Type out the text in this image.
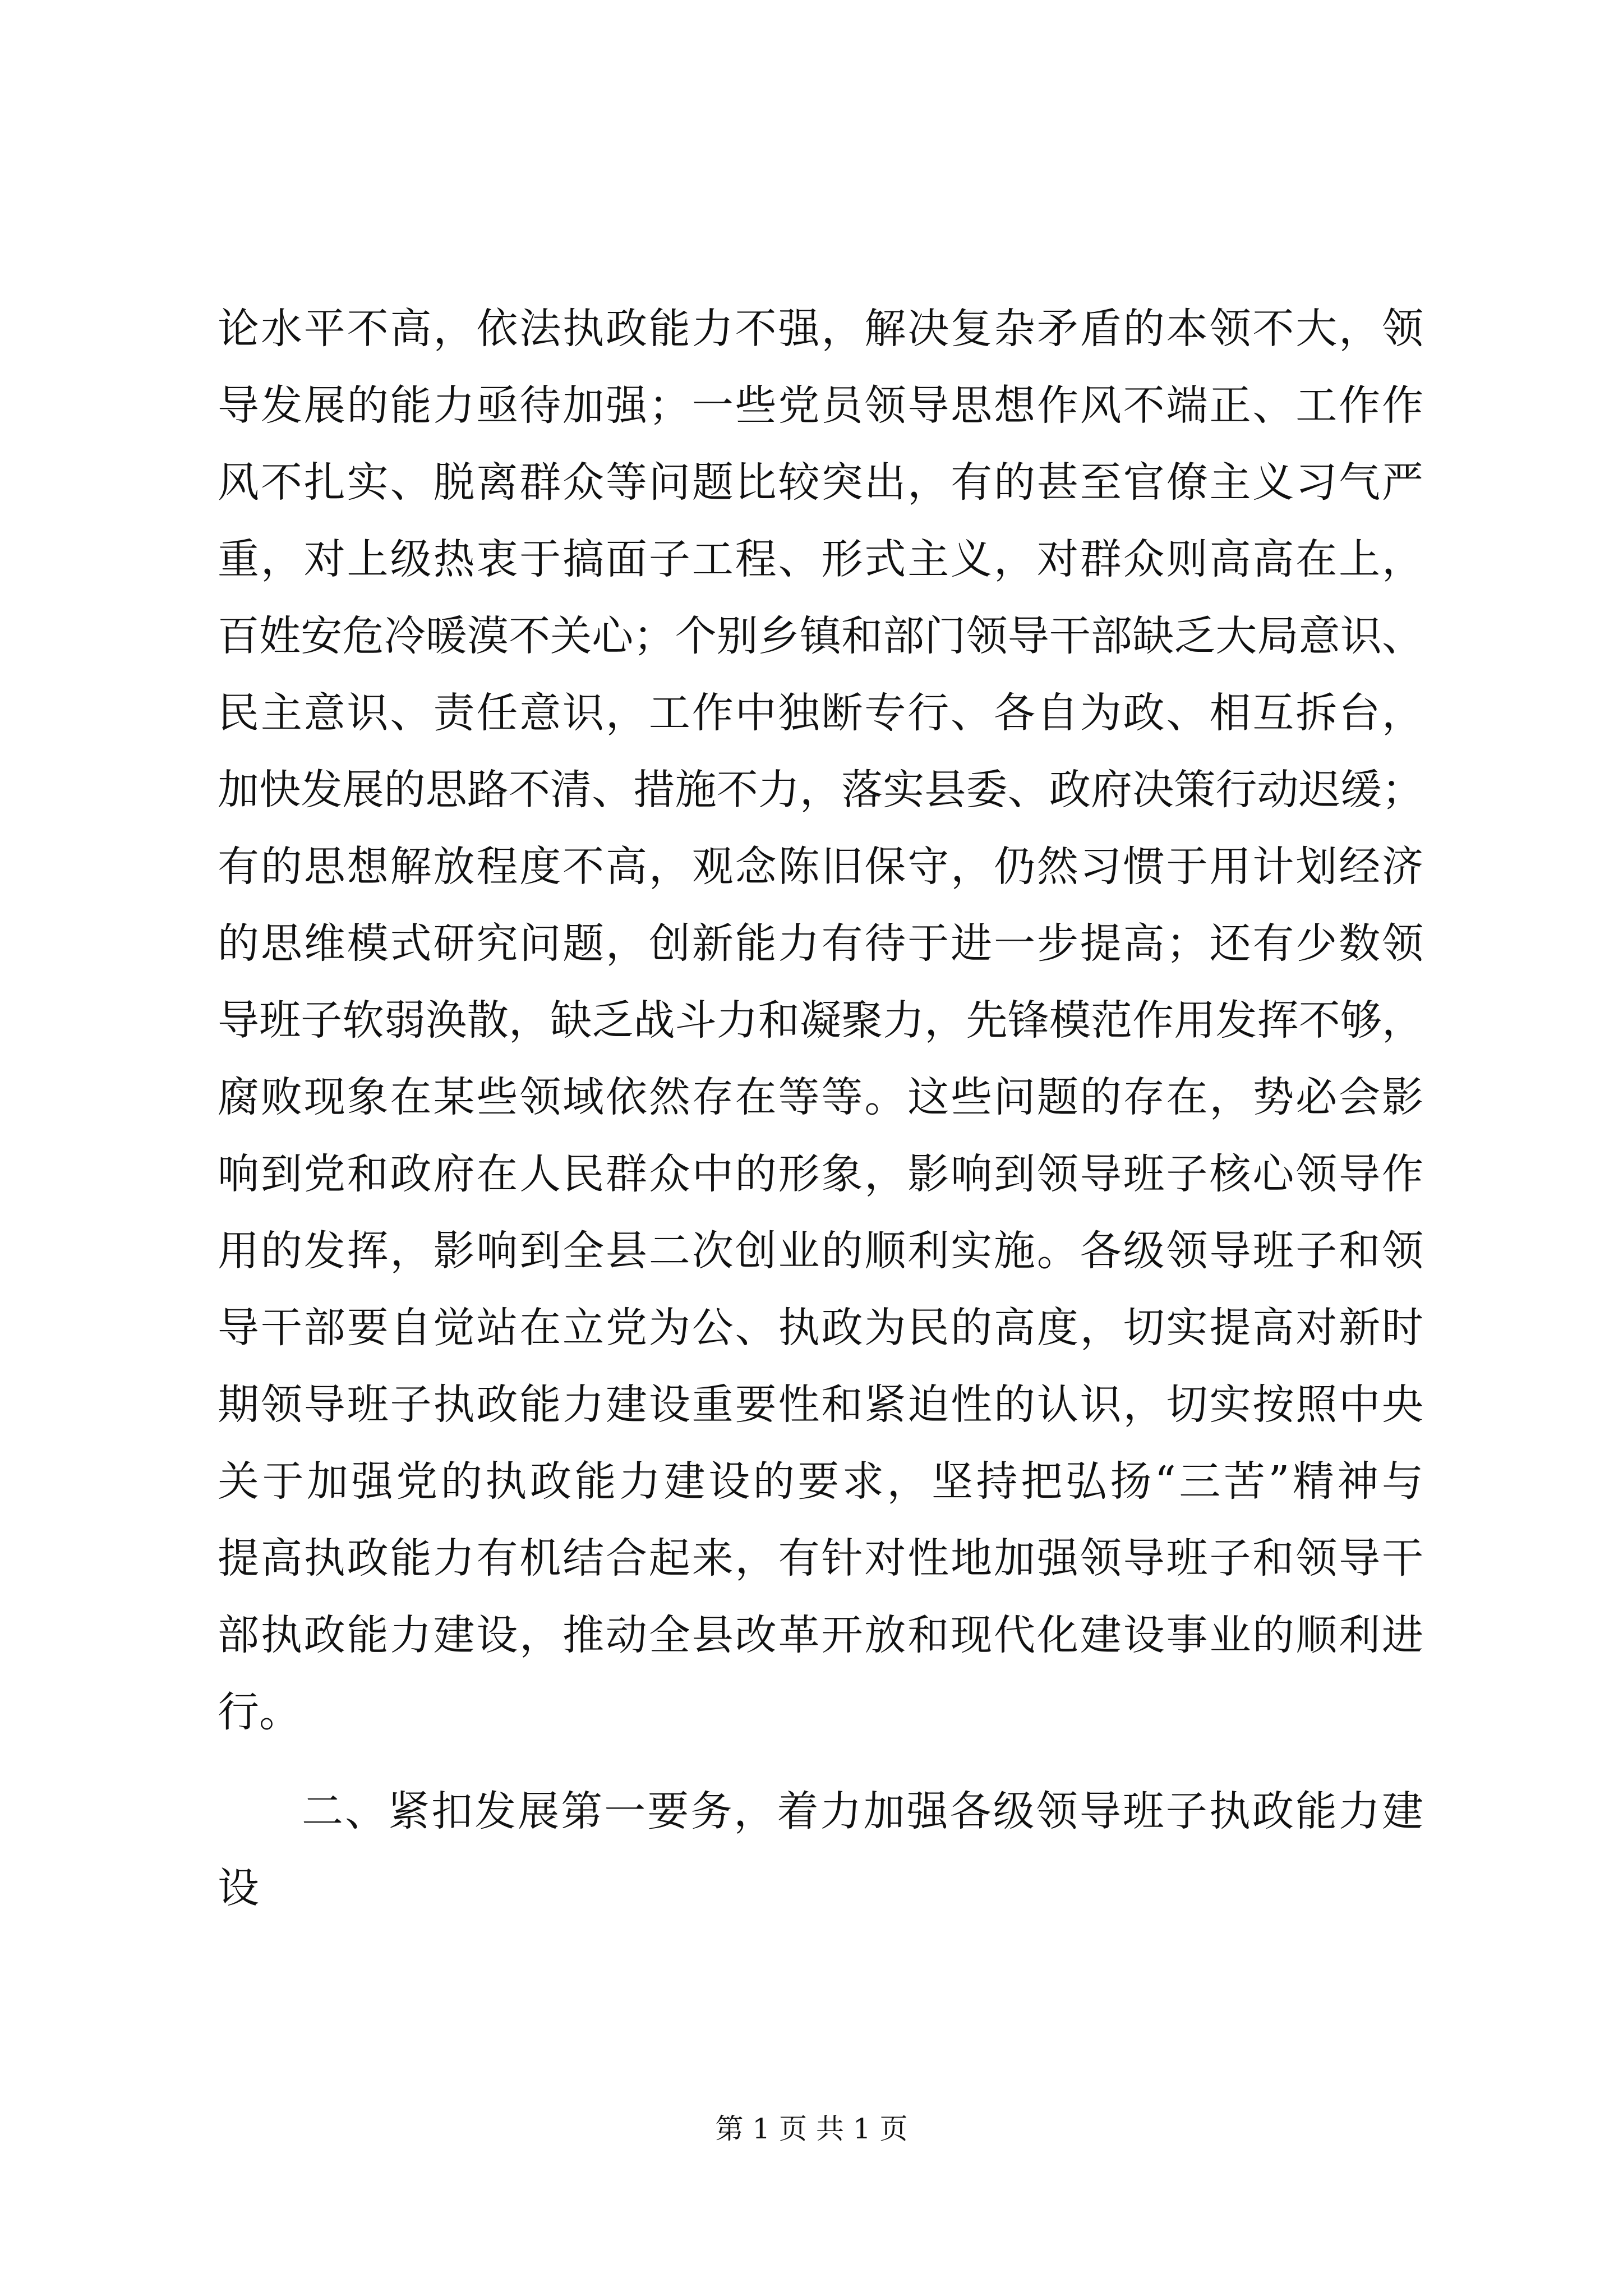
论水平不高，依法执政能力不强，解决复杂矛盾的本领不大，领
导发展的能力亟待加强；一些党员领导思想作风不端正、工作作
风不扎实、脱离群众等问题比较突出，有的甚至官僚主义习气严
重，对上级热衷于搞面子工程、形式主义，对群众则高高在上，
百姓安危冷暖漠不关心；个别乡镇和部门领导干部缺乏大局意识、
民主意识、责任意识，工作中独断专行、各自为政、相互拆台，
加快发展的思路不清、措施不力，落实县委、政府决策行动迟缓；
有的思想解放程度不高，观念陈旧保守，仍然习惯于用计划经济
的思维模式研究问题，创新能力有待于进一步提高；还有少数领
导班子软弱涣散，缺乏战斗力和凝聚力，先锋模范作用发挥不够，
腐败现象在某些领域依然存在等等。这些问题的存在，势必会影
响到党和政府在人民群众中的形象，影响到领导班子核心领导作
用的发挥，影响到全县二次创业的顺利实施。各级领导班子和领
导干部要自觉站在立党为公、执政为民的高度，切实提高对新时
期领导班子执政能力建设重要性和紧迫性的认识，切实按照中央
关于加强党的执政能力建设的要求，坚持把弘扬“三苦”精神与
提高执政能力有机结合起来，有针对性地加强领导班子和领导干
部执政能力建设，推动全县改革开放和现代化建设事业的顺利进
行。
二、紧扣发展第一要务，着力加强各级领导班子执政能力建
设
第 1 页 共 1 页
